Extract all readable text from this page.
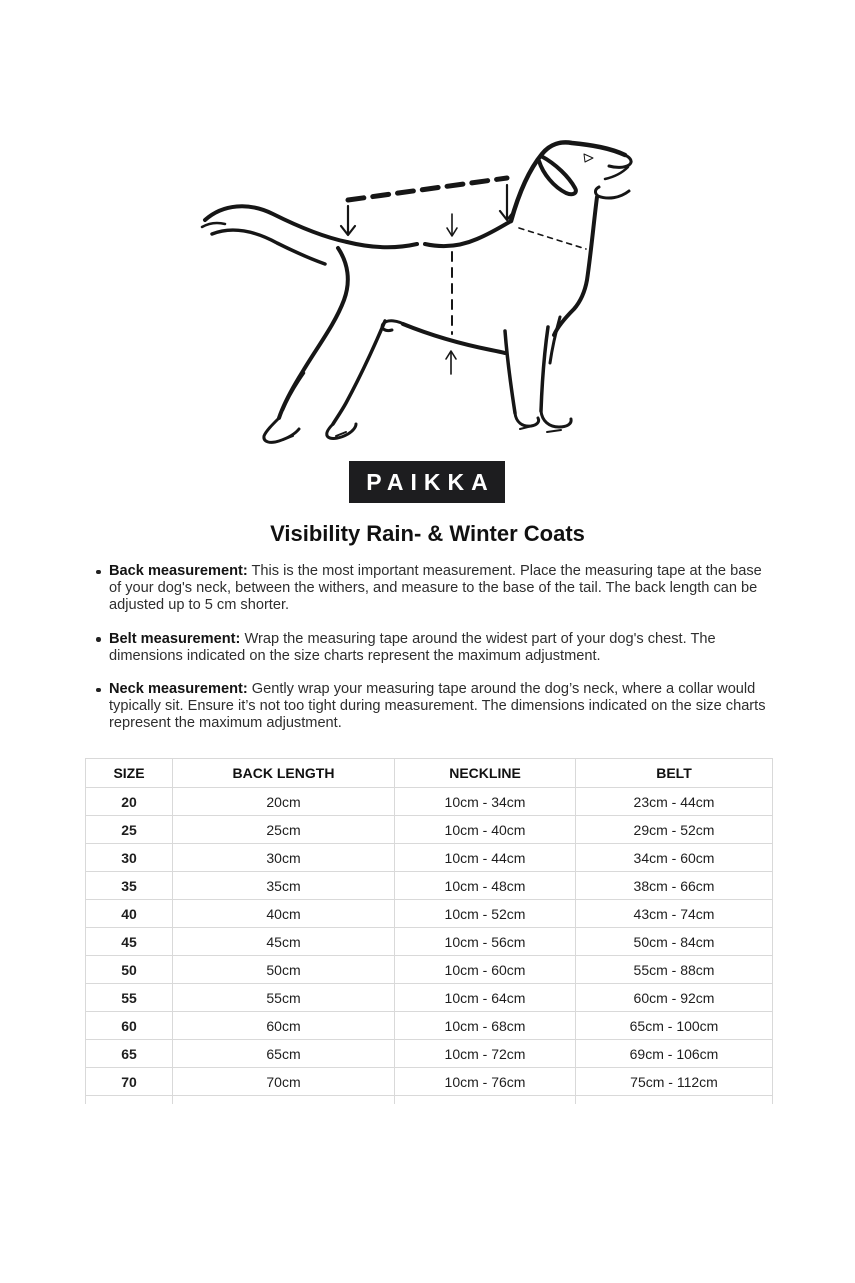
PAIKKA
Visibility Rain- & Winter Coats
Back measurement: This is the most important measurement. Place the measuring tape at the base of your dog's neck, between the withers, and measure to the base of the tail. The back length can be adjusted up to 5 cm shorter.
Belt measurement: Wrap the measuring tape around the widest part of your dog's chest. The dimensions indicated on the size charts represent the maximum adjustment.
Neck measurement: Gently wrap your measuring tape around the dog’s neck, where a collar would typically sit. Ensure it’s not too tight during measurement. The dimensions indicated on the size charts represent the maximum adjustment.
SIZE	BACK LENGTH	NECKLINE	BELT
20	20cm	10cm - 34cm	23cm - 44cm
25	25cm	10cm - 40cm	29cm - 52cm
30	30cm	10cm - 44cm	34cm - 60cm
35	35cm	10cm - 48cm	38cm - 66cm
40	40cm	10cm - 52cm	43cm - 74cm
45	45cm	10cm - 56cm	50cm - 84cm
50	50cm	10cm - 60cm	55cm - 88cm
55	55cm	10cm - 64cm	60cm - 92cm
60	60cm	10cm - 68cm	65cm - 100cm
65	65cm	10cm - 72cm	69cm - 106cm
70	70cm	10cm - 76cm	75cm - 112cm
